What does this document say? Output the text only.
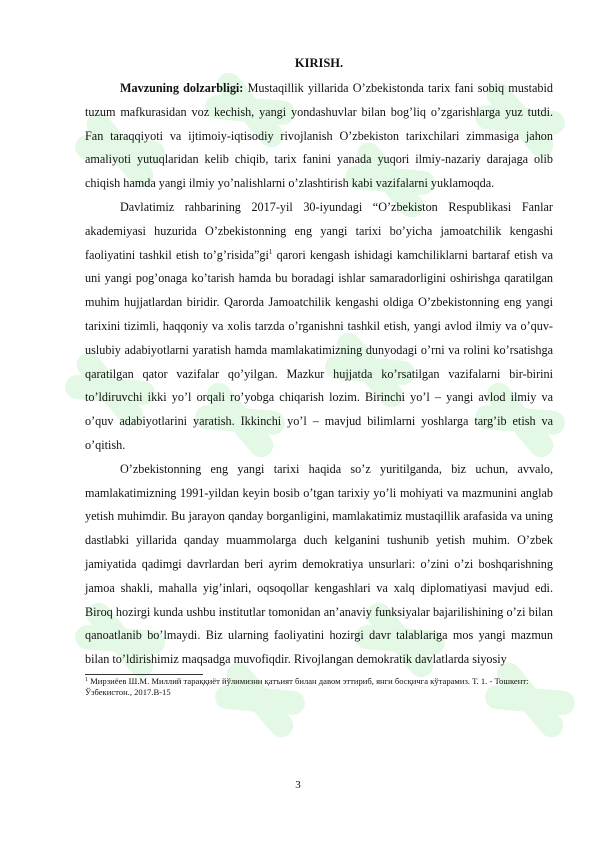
KIRISH.

Mavzuning dolzarbligi: Mustaqillik yillarida O’zbekistonda tarix fani sobiq mustabid tuzum mafkurasidan voz kechish, yangi yondashuvlar bilan bog’liq o’zgarishlarga yuz tutdi. Fan taraqqiyoti va ijtimoiy-iqtisodiy rivojlanish O’zbekiston tarixchilari zimmasiga jahon amaliyoti yutuqlaridan kelib chiqib, tarix fanini yanada yuqori ilmiy-nazariy darajaga olib chiqish hamda yangi ilmiy yo’nalishlarni o’zlashtirish kabi vazifalarni yuklamoqda.

Davlatimiz rahbarining 2017-yil 30-iyundagi “O’zbekiston Respublikasi Fanlar akademiyasi huzurida O’zbekistonning eng yangi tarixi bo’yicha jamoatchilik kengashi faoliyatini tashkil etish $to’g’risida”gi^1$ qarori kengash ishidagi kamchiliklarni bartaraf etish va uni yangi pog’onaga ko’tarish hamda bu boradagi ishlar samaradorligini oshirishga qaratilgan muhim hujjatlardan biridir. Qarorda Jamoatchilik kengashi oldiga O’zbekistonning eng yangi tarixini tizimli, haqqoniy va xolis tarzda o’rganishni tashkil etish, yangi avlod ilmiy va o’quv-uslubiy adabiyotlarni yaratish hamda mamlakatimizning dunyodagi o’rni va rolini ko’rsatishga qaratilgan qator vazifalar qo’yilgan. Mazkur hujjatda ko’rsatilgan vazifalarni bir-birini to’ldiruvchi ikki yo’l orqali ro’yobga chiqarish lozim. Birinchi yo’l – yangi avlod ilmiy va o’quv adabiyotlarini yaratish. Ikkinchi yo’l – mavjud bilimlarni yoshlarga targ’ib etish va o’qitish.

O’zbekistonning eng yangi tarixi haqida so’z yuritilganda, biz uchun, avvalo, mamlakatimizning 1991-yildan keyin bosib o’tgan tarixiy yo’li mohiyati va mazmunini anglab yetish muhimdir. Bu jarayon qanday borganligini, mamlakatimiz mustaqillik arafasida va uning dastlabki yillarida qanday muammolarga duch kelganini tushunib yetish muhim. O’zbek jamiyatida qadimgi davrlardan beri ayrim demokratiya unsurlari: o’zini o’zi boshqarishning jamoa shakli, mahalla yig’inlari, oqsoqollar kengashlari va xalq diplomatiyasi mavjud edi. Biroq hozirgi kunda ushbu institutlar tomonidan an’anaviy funksiyalar bajarilishining o’zi bilan qanoatlanib bo’lmaydi. Biz ularning faoliyatini hozirgi davr talablariga mos yangi mazmun bilan to’ldirishimiz maqsadga muvofiqdir. Rivojlangan demokratik davlatlarda siyosiy

$^1$ Мирзиёев Ш.М. Миллий тараққиёт йўлимизни қатъият билан давом эттириб, янги босқичга кўтарамиз. Т. 1. - Тошкент: Ўзбекистон., 2017.B-15
3
